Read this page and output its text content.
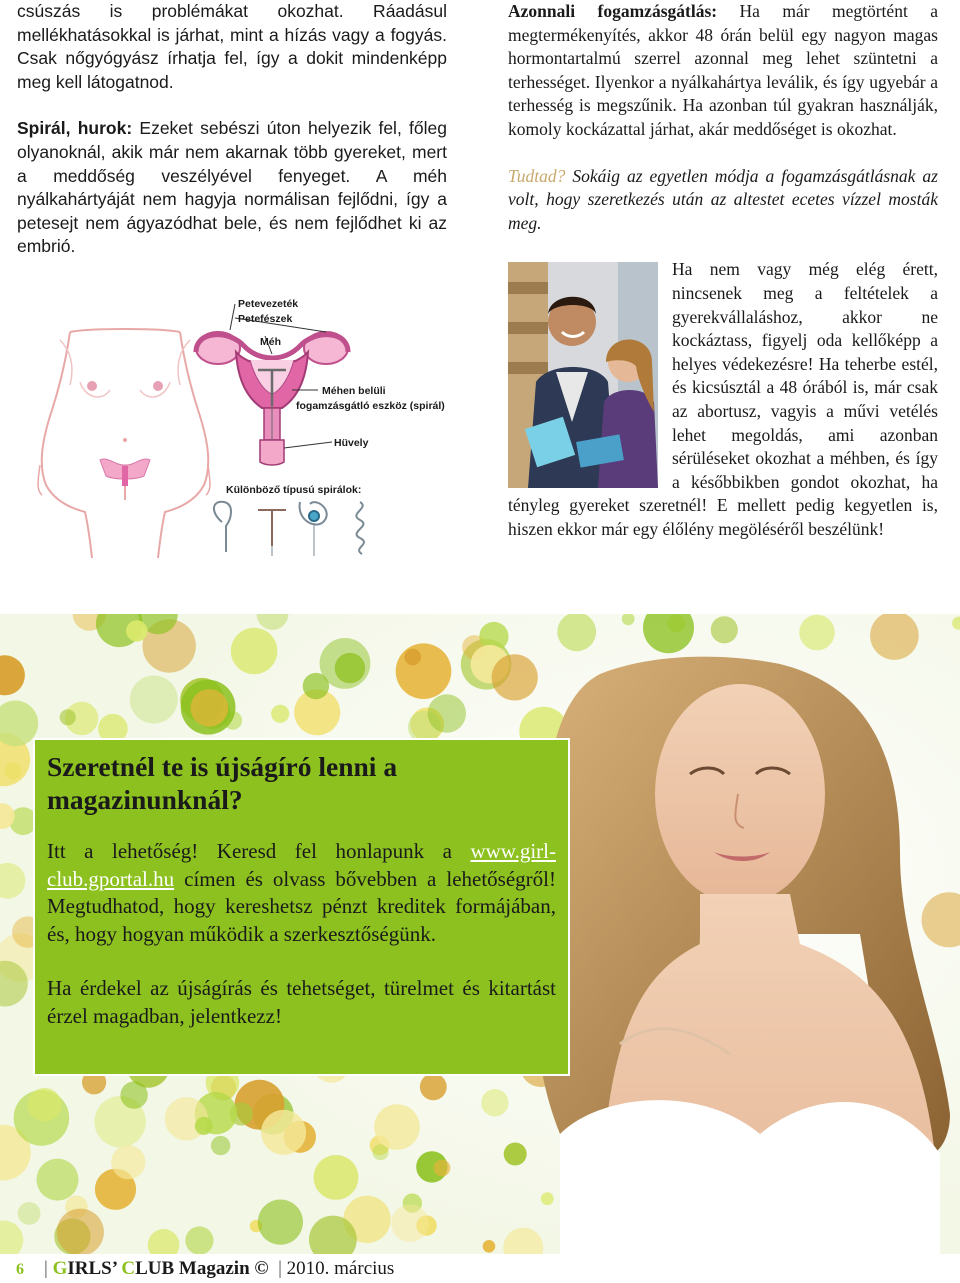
csúszás is problémákat okozhat. Ráadásul mellékhatásokkal is járhat, mint a hízás vagy a fogyás. Csak nőgyógyász írhatja fel, így a dokit mindenképp meg kell látogatnod.

Spirál, hurok: Ezeket sebészi úton helyezik fel, főleg olyanoknál, akik már nem akarnak több gyereket, mert a meddőség veszélyével fenyeget. A méh nyálkahártyáját nem hagyja normálisan fejlődni, így a petesejt nem ágyazódhat bele, és nem fejlődhet ki az embrió.

Petevezeték
Petefészek
Méh
Méhen belüli
fogamzásgátló eszköz (spirál)
Hüvely
Különböző típusú spirálok:

Azonnali fogamzásgátlás: Ha már megtörtént a megtermékenyítés, akkor 48 órán belül egy nagyon magas hormontartalmú szerrel azonnal meg lehet szüntetni a terhességet. Ilyenkor a nyálkahártya leválik, és így ugyebár a terhesség is megszűnik. Ha azonban túl gyakran használják, komoly kockázattal járhat, akár meddőséget is okozhat.

Tudtad? Sokáig az egyetlen módja a fogamzásgátlásnak az volt, hogy szeretkezés után az altestet ecetes vízzel mosták meg.

Ha nem vagy még elég érett, nincsenek meg a feltételek a gyerekvállaláshoz, akkor ne kockáztass, figyelj oda kellőképp a helyes védekezésre! Ha teherbe estél, és kicsúsztál a 48 órából is, már csak az abortusz, vagyis a művi vetélés lehet megoldás, ami azonban sérüléseket okozhat a méhben, és így a későbbikben gondot okozhat, ha tényleg gyereket szeretnél! E mellett pedig kegyetlen is, hiszen ekkor már egy élőlény megöléséről beszélünk!

Szeretnél te is újságíró lenni a magazinunknál?

Itt a lehetőség! Keresd fel honlapunk a www.girl-club.gportal.hu címen és olvass bővebben a lehetőségről! Megtudhatod, hogy kereshetsz pénzt kreditek formájában, és, hogy hogyan működik a szerkesztőségünk.

Ha érdekel az újságírás és tehetséget, türelmet és kitartást érzel magadban, jelentkezz!

6 | GIRLS’ CLUB Magazin © | 2010. március
